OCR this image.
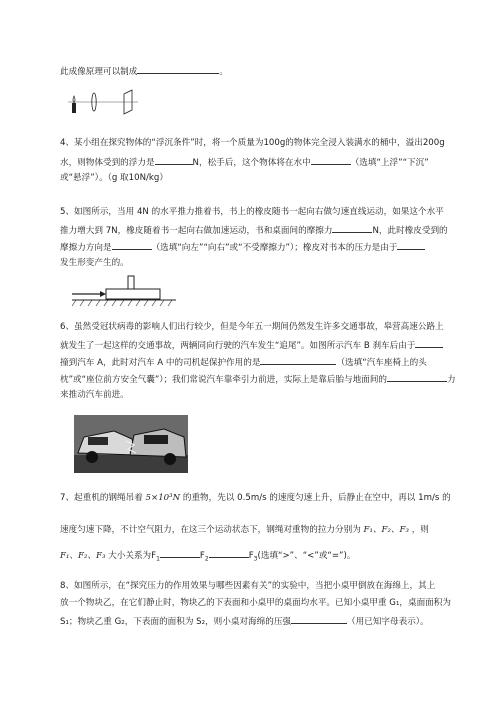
此成像原理可以制成	。
4、某小组在探究物体的“浮沉条件”时，将一个质量为100g的物体完全浸入装满水的桶中，溢出200g
水，则物体受到的浮力是	N，松手后，这个物体将在水中	（选填“上浮”“下沉”
或“悬浮”）。（g 取10N/kg）
5、如图所示，当用 4N 的水平推力推着书，书上的橡皮随书一起向右做匀速直线运动，如果这个水平
推力增大到 7N，橡皮随着书一起向右做加速运动，书和桌面间的摩擦力	N，此时橡皮受到的
摩擦力方向是	（选填“向左”“向右”或“不受摩擦力”）；橡皮对书本的压力是由于
发生形变产生的。
6、虽然受冠状病毒的影响人们出行较少，但是今年五一期间仍然发生许多交通事故，皋营高速公路上
就发生了一起这样的交通事故，两辆同向行驶的汽车发生“追尾”。如图所示汽车 B 刹车后由于
撞到汽车 A，此时对汽车 A 中的司机起保护作用的是	（选填“汽车座椅上的头
枕”或“座位前方安全气囊”）；我们常说汽车靠牵引力前进，实际上是靠后胎与地面间的	力
来推动汽车前进。
7、起重机的钢绳吊着 5×10³N 的重物，先以 0.5m/s 的速度匀速上升，后静止在空中，再以 1m/s 的
速度匀速下降，不计空气阻力，在这三个运动状态下，钢绳对重物的拉力分别为 F₁、F₂、F₃ ，则
F₁、F₂、F₃ 大小关系为$F_1$	$F_2$	$F_3$(选填“>”、“<”或“=”)。
8、如图所示，在“探究压力的作用效果与哪些因素有关”的实验中，当把小桌甲倒放在海绵上，其上
放一个物块乙，在它们静止时，物块乙的下表面和小桌甲的桌面均水平。已知小桌甲重 G₁，桌面面积为
S₁；物块乙重 G₂，下表面的面积为 S₂，则小桌对海绵的压强	（用已知字母表示）。
